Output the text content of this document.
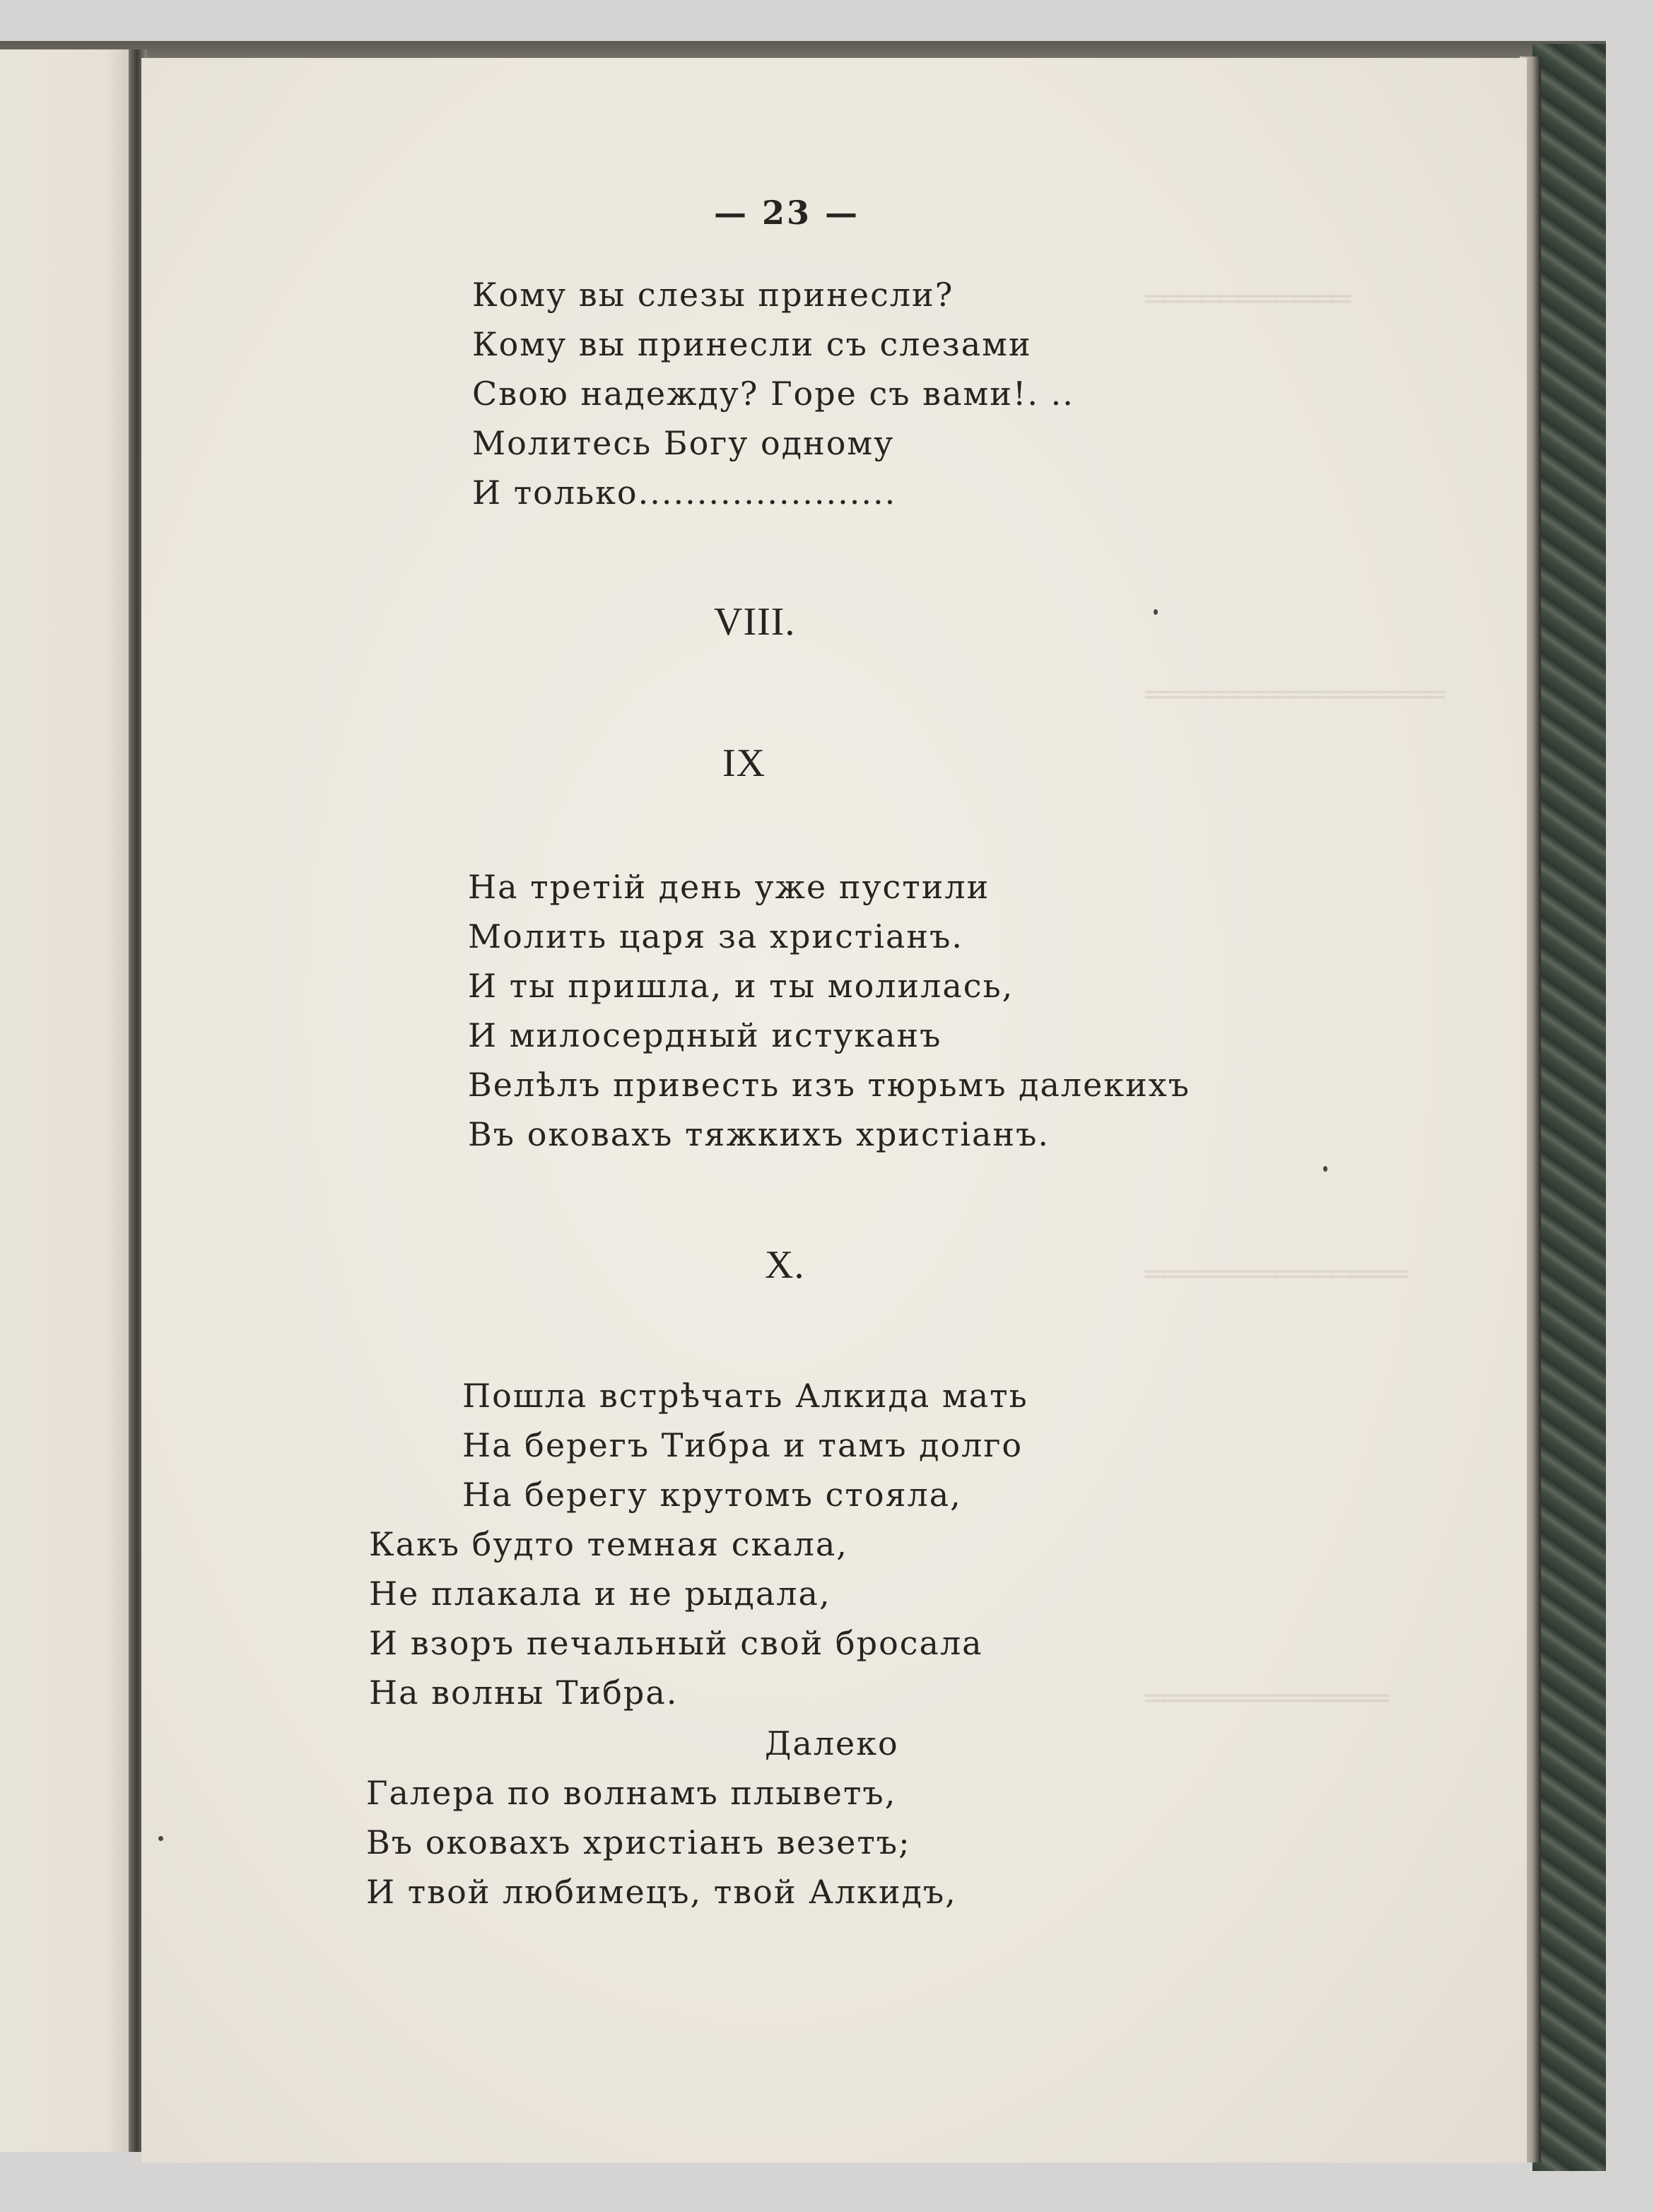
═══════════
════════════════
══════════════
═════════════

— 23 —

Кому вы слезы принесли?

Кому вы принесли съ слезами

Свою надежду? Горе съ вами!. ..

Молитесь Богу одному

И только......................

VIII.

IX

На третій день уже пустили

Молить царя за христіанъ.

И ты пришла, и ты молилась,

И милосердный истуканъ

Велѣлъ привесть изъ тюрьмъ далекихъ

Въ оковахъ тяжкихъ христіанъ.

X.

Пошла встрѣчать Алкида мать

На берегъ Тибра и тамъ долго

На берегу крутомъ стояла,

Какъ будто темная скала,

Не плакала и не рыдала,

И взоръ печальный свой бросала

На волны Тибра.

Далеко

Галера по волнамъ плыветъ,

Въ оковахъ христіанъ везетъ;

И твой любимецъ, твой Алкидъ,
